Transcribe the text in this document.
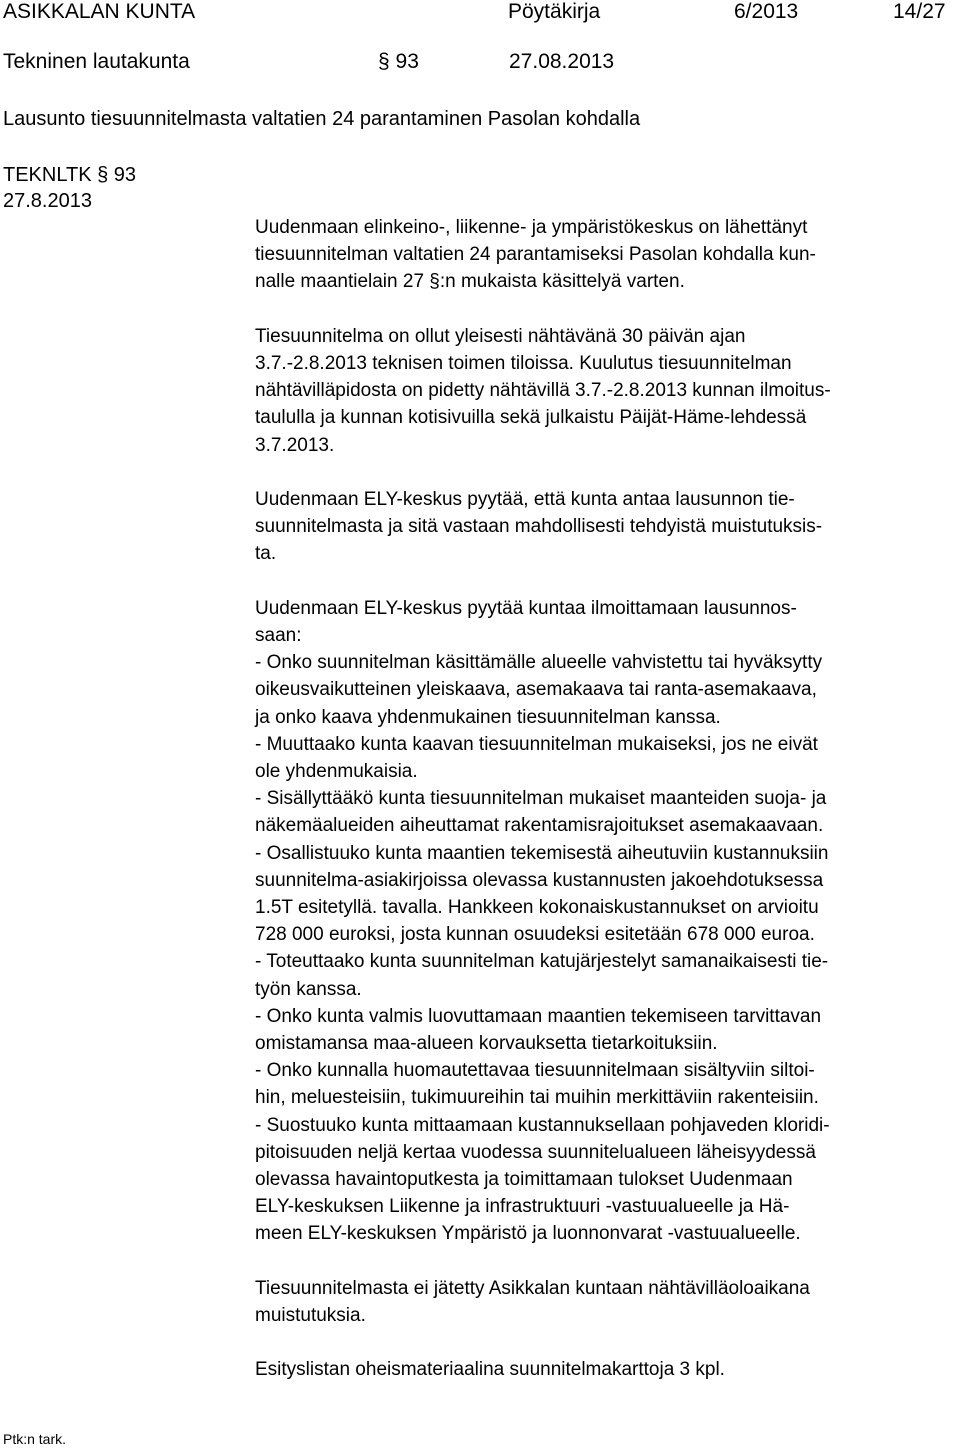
ASIKKALAN KUNTA	Pöytäkirja	6/2013	14/27
Tekninen lautakunta	§ 93	27.08.2013
Lausunto tiesuunnitelmasta valtatien 24 parantaminen Pasolan kohdalla
TEKNLTK § 93
27.8.2013

Uudenmaan elinkeino-, liikenne- ja ympäristökeskus on lähettänyt
tiesuunnitelman valtatien 24 parantamiseksi Pasolan kohdalla kun-
nalle maantielain 27 §:n mukaista käsittelyä varten.

Tiesuunnitelma on ollut yleisesti nähtävänä 30 päivän ajan
3.7.-2.8.2013 teknisen toimen tiloissa. Kuulutus tiesuunnitelman
nähtävilläpidosta on pidetty nähtävillä 3.7.-2.8.2013 kunnan ilmoitus-
taululla ja kunnan kotisivuilla sekä julkaistu Päijät-Häme-lehdessä
3.7.2013.

Uudenmaan ELY-keskus pyytää, että kunta antaa lausunnon tie-
suunnitelmasta ja sitä vastaan mahdollisesti tehdyistä muistutuksis-
ta.

Uudenmaan ELY-keskus pyytää kuntaa ilmoittamaan lausunnos-
saan:
- Onko suunnitelman käsittämälle alueelle vahvistettu tai hyväksytty
oikeusvaikutteinen yleiskaava, asemakaava tai ranta-asemakaava,
ja onko kaava yhdenmukainen tiesuunnitelman kanssa.
- Muuttaako kunta kaavan tiesuunnitelman mukaiseksi, jos ne eivät
ole yhdenmukaisia.
- Sisällyttääkö kunta tiesuunnitelman mukaiset maanteiden suoja- ja
näkemäalueiden aiheuttamat rakentamisrajoitukset asemakaavaan.
- Osallistuuko kunta maantien tekemisestä aiheutuviin kustannuksiin
suunnitelma-asiakirjoissa olevassa kustannusten jakoehdotuksessa
1.5T esitetyllä. tavalla. Hankkeen kokonaiskustannukset on arvioitu
728 000 euroksi, josta kunnan osuudeksi esitetään 678 000 euroa.
- Toteuttaako kunta suunnitelman katujärjestelyt samanaikaisesti tie-
työn kanssa.
- Onko kunta valmis luovuttamaan maantien tekemiseen tarvittavan
omistamansa maa-alueen korvauksetta tietarkoituksiin.
- Onko kunnalla huomautettavaa tiesuunnitelmaan sisältyviin siltoi-
hin, meluesteisiin, tukimuureihin tai muihin merkittäviin rakenteisiin.
- Suostuuko kunta mittaamaan kustannuksellaan pohjaveden kloridi-
pitoisuuden neljä kertaa vuodessa suunnitelualueen läheisyydessä
olevassa havaintoputkesta ja toimittamaan tulokset Uudenmaan
ELY-keskuksen Liikenne ja infrastruktuuri -vastuualueelle ja Hä-
meen ELY-keskuksen Ympäristö ja luonnonvarat -vastuualueelle.

Tiesuunnitelmasta ei jätetty Asikkalan kuntaan nähtävilläoloaikana
muistutuksia.

Esityslistan oheismateriaalina suunnitelmakarttoja 3 kpl.

Ptk:n tark.
